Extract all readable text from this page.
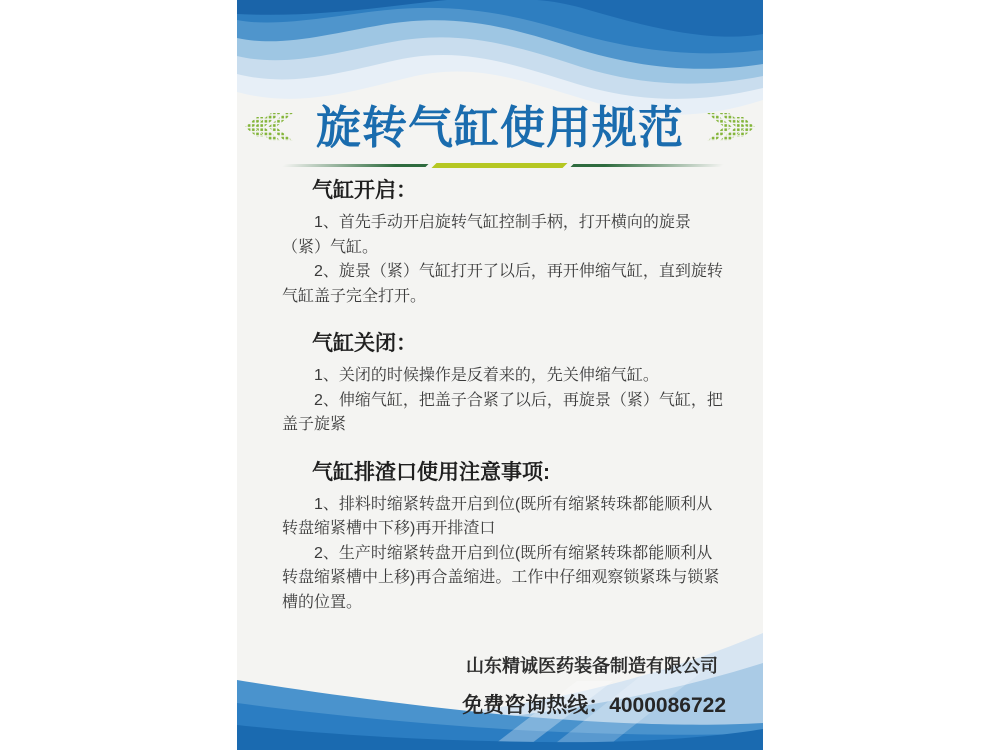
旋转气缸使用规范
气缸开启：

1、首先手动开启旋转气缸控制手柄，打开横向的旋景（紧）气缸。

2、旋景（紧）气缸打开了以后，再开伸缩气缸，直到旋转气缸盖子完全打开。

气缸关闭：

1、关闭的时候操作是反着来的，先关伸缩气缸。

2、伸缩气缸，把盖子合紧了以后，再旋景（紧）气缸，把盖子旋紧

气缸排渣口使用注意事项:

1、排料时缩紧转盘开启到位(既所有缩紧转珠都能顺利从转盘缩紧槽中下移)再开排渣口

2、生产时缩紧转盘开启到位(既所有缩紧转珠都能顺利从转盘缩紧槽中上移)再合盖缩进。工作中仔细观察锁紧珠与锁紧槽的位置。

山东精诚医药装备制造有限公司
免费咨询热线：4000086722
